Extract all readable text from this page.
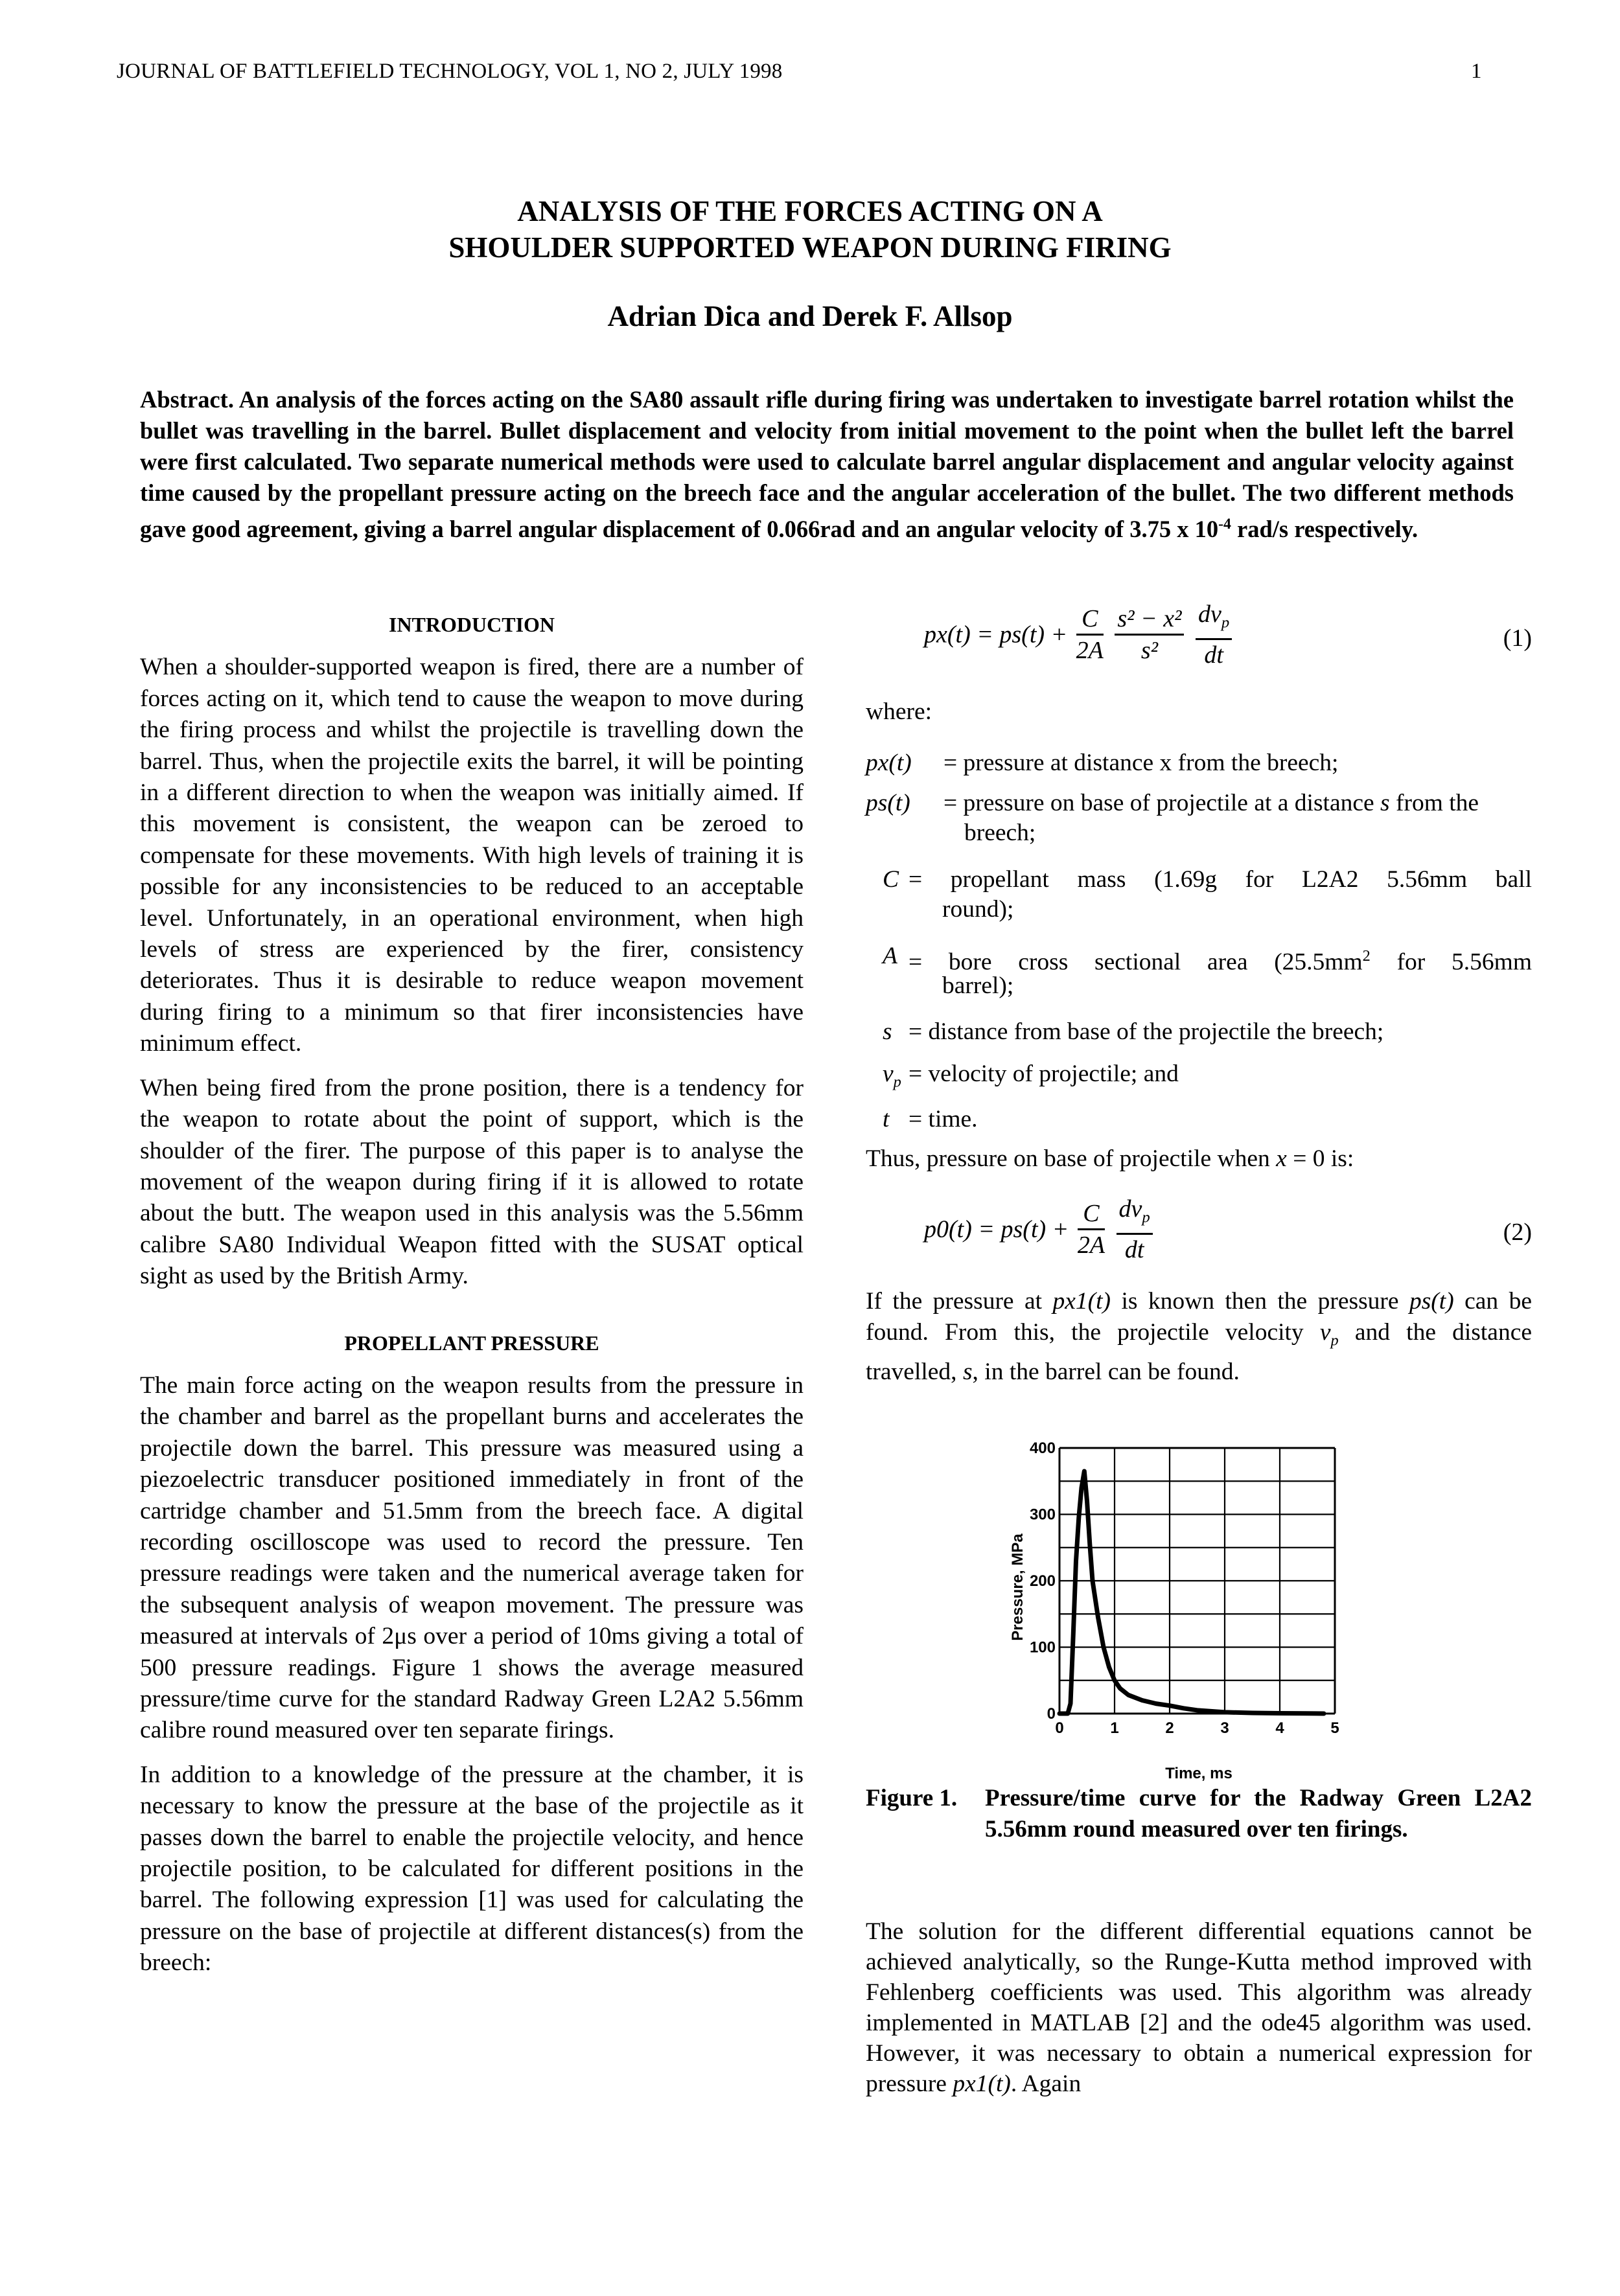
JOURNAL OF BATTLEFIELD TECHNOLOGY, VOL 1, NO 2, JULY 1998	1
ANALYSIS OF THE FORCES ACTING ON A
SHOULDER SUPPORTED WEAPON DURING FIRING
Adrian Dica and Derek F. Allsop
Abstract. An analysis of the forces acting on the SA80 assault rifle during firing was undertaken to investigate barrel rotation whilst the bullet was travelling in the barrel. Bullet displacement and velocity from initial movement to the point when the bullet left the barrel were first calculated. Two separate numerical methods were used to calculate barrel angular displacement and angular velocity against time caused by the propellant pressure acting on the breech face and the angular acceleration of the bullet. The two different methods gave good agreement, giving a barrel angular displacement of 0.066rad and an angular velocity of 3.75 x $10^{-4}$ rad/s respectively.
INTRODUCTION

When a shoulder-supported weapon is fired, there are a number of forces acting on it, which tend to cause the weapon to move during the firing process and whilst the projectile is travelling down the barrel. Thus, when the projectile exits the barrel, it will be pointing in a different direction to when the weapon was initially aimed. If this movement is consistent, the weapon can be zeroed to compensate for these movements. With high levels of training it is possible for any inconsistencies to be reduced to an acceptable level. Unfortunately, in an operational environment, when high levels of stress are experienced by the firer, consistency deteriorates. Thus it is desirable to reduce weapon movement during firing to a minimum so that firer inconsistencies have minimum effect.

When being fired from the prone position, there is a tendency for the weapon to rotate about the point of support, which is the shoulder of the firer. The purpose of this paper is to analyse the movement of the weapon during firing if it is allowed to rotate about the butt. The weapon used in this analysis was the 5.56mm calibre SA80 Individual Weapon fitted with the SUSAT optical sight as used by the British Army.

PROPELLANT PRESSURE

The main force acting on the weapon results from the pressure in the chamber and barrel as the propellant burns and accelerates the projectile down the barrel. This pressure was measured using a piezoelectric transducer positioned immediately in front of the cartridge chamber and 51.5mm from the breech face. A digital recording oscilloscope was used to record the pressure. Ten pressure readings were taken and the numerical average taken for the subsequent analysis of weapon movement. The pressure was measured at intervals of 2μs over a period of 10ms giving a total of 500 pressure readings. Figure 1 shows the average measured pressure/time curve for the standard Radway Green L2A2 5.56mm calibre round measured over ten separate firings.

In addition to a knowledge of the pressure at the chamber, it is necessary to know the pressure at the base of the projectile as it passes down the barrel to enable the projectile velocity, and hence projectile position, to be calculated for different positions in the barrel. The following expression [1] was used for calculating the pressure on the base of projectile at different distances(s) from the breech:

$px(t) = ps(t) + \frac{C}{2A}$
$\frac{\text{s² − x²}}{\text{s²}}$
$\frac{dv_p}{dt}$	(1)
where:
px(t) = pressure at distance x from the breech;
ps(t) = pressure on base of projectile at a distance s from the
breech;
C = propellant mass (1.69g for L2A2 5.56mm ball
round);
A = bore cross sectional area ($25.5mm^2$ for 5.56mm
barrel);
s = distance from base of the projectile the breech;
$v_p$ = velocity of projectile; and
t = time.
Thus, pressure on base of projectile when x = 0 is:
$p0(t) = ps(t) + \frac{C}{2A}$
$\frac{dv_p}{dt}$	(2)

If the pressure at px1(t) is known then the pressure ps(t) can be found. From this, the projectile velocity $v_p$ and the distance travelled, s, in the barrel can be found.

0
100
200
300
400
0	1	2	3	4	5
Pressure, MPa
Time, ms
Figure 1. Pressure/time curve for the Radway Green L2A2 5.56mm round measured over ten firings.

The solution for the different differential equations cannot be achieved analytically, so the Runge-Kutta method improved with Fehlenberg coefficients was used. This algorithm was already implemented in MATLAB [2] and the ode45 algorithm was used. However, it was necessary to obtain a numerical expression for pressure px1(t). Again
